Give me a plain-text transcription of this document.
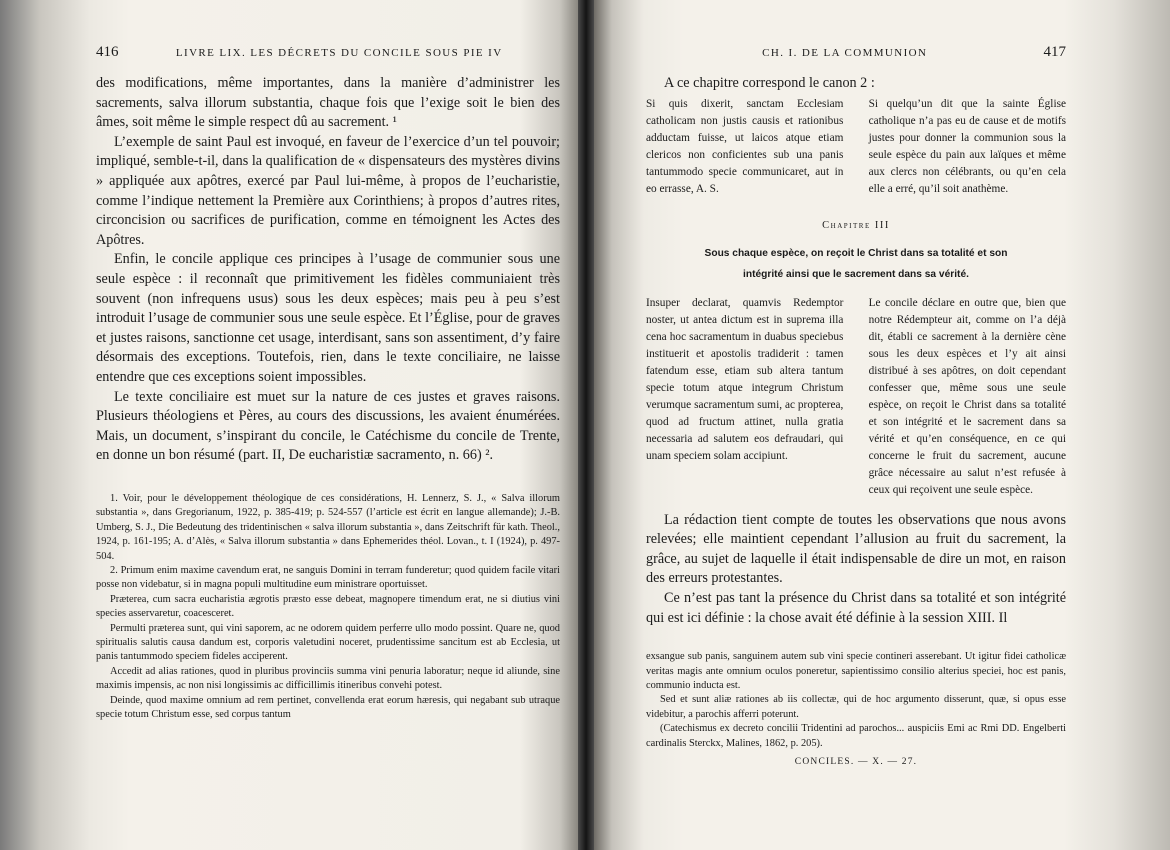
416	LIVRE LIX. LES DÉCRETS DU CONCILE SOUS PIE IV

des modifications, même importantes, dans la manière d’administrer les sacrements, salva illorum substantia, chaque fois que l’exige soit le bien des âmes, soit même le simple respect dû au sacrement. ¹

L’exemple de saint Paul est invoqué, en faveur de l’exercice d’un tel pouvoir; impliqué, semble-t-il, dans la qualification de « dispensateurs des mystères divins » appliquée aux apôtres, exercé par Paul lui-même, à propos de l’eucharistie, comme l’indique nettement la Première aux Corinthiens; à propos d’autres rites, circoncision ou sacrifices de purification, comme en témoignent les Actes des Apôtres.

Enfin, le concile applique ces principes à l’usage de communier sous une seule espèce : il reconnaît que primitivement les fidèles communiaient très souvent (non infrequens usus) sous les deux espèces; mais peu à peu s’est introduit l’usage de communier sous une seule espèce. Et l’Église, pour de graves et justes raisons, sanctionne cet usage, interdisant, sans son assentiment, d’y faire désormais des exceptions. Toutefois, rien, dans le texte conciliaire, ne laisse entendre que ces exceptions soient impossibles.

Le texte conciliaire est muet sur la nature de ces justes et graves raisons. Plusieurs théologiens et Pères, au cours des discussions, les avaient énumérées. Mais, un document, s’inspirant du concile, le Catéchisme du concile de Trente, en donne un bon résumé (part. II, De eucharistiæ sacramento, n. 66) ².

1. Voir, pour le développement théologique de ces considérations, H. Lennerz, S. J., « Salva illorum substantia », dans Gregorianum, 1922, p. 385-419; p. 524-557 (l’article est écrit en langue allemande); J.-B. Umberg, S. J., Die Bedeutung des tridentinischen « salva illorum substantia », dans Zeitschrift für kath. Theol., 1924, p. 161-195; A. d’Alès, « Salva illorum substantia » dans Ephemerides théol. Lovan., t. I (1924), p. 497-504.

2. Primum enim maxime cavendum erat, ne sanguis Domini in terram funderetur; quod quidem facile vitari posse non videbatur, si in magna populi multitudine eum ministrare oportuisset.

Præterea, cum sacra eucharistia ægrotis præsto esse debeat, magnopere timendum erat, ne si diutius vini species asservaretur, coacesceret.

Permulti præterea sunt, qui vini saporem, ac ne odorem quidem perferre ullo modo possint. Quare ne, quod spiritualis salutis causa dandum est, corporis valetudini noceret, prudentissime sancitum est ab Ecclesia, ut panis tantummodo speciem fideles acciperent.

Accedit ad alias rationes, quod in pluribus provinciis summa vini penuria laboratur; neque id aliunde, sine maximis impensis, ac non nisi longissimis ac difficillimis itineribus convehi potest.

Deinde, quod maxime omnium ad rem pertinet, convellenda erat eorum hæresis, qui negabant sub utraque specie totum Christum esse, sed corpus tantum

CH. I. DE LA COMMUNION	417

A ce chapitre correspond le canon 2 :

Si quis dixerit, sanctam Ecclesiam catholicam non justis causis et rationibus adductam fuisse, ut laicos atque etiam clericos non conficientes sub una panis tantummodo specie communicaret, aut in eo errasse, A. S.
Si quelqu’un dit que la sainte Église catholique n’a pas eu de cause et de motifs justes pour donner la communion sous la seule espèce du pain aux laïques et même aux clercs non célébrants, ou qu’en cela elle a erré, qu’il soit anathème.
Chapitre III
Sous chaque espèce, on reçoit le Christ dans sa totalité et son
intégrité ainsi que le sacrement dans sa vérité.
Insuper declarat, quamvis Redemptor noster, ut antea dictum est in suprema illa cena hoc sacramentum in duabus speciebus instituerit et apostolis tradiderit : tamen fatendum esse, etiam sub altera tantum specie totum atque integrum Christum verumque sacramentum sumi, ac propterea, quod ad fructum attinet, nulla gratia necessaria ad salutem eos defraudari, qui unam speciem solam accipiunt.
Le concile déclare en outre que, bien que notre Rédempteur ait, comme on l’a déjà dit, établi ce sacrement à la dernière cène sous les deux espèces et l’y ait ainsi distribué à ses apôtres, on doit cependant confesser que, même sous une seule espèce, on reçoit le Christ dans sa totalité et son intégrité et le sacrement dans sa vérité et qu’en conséquence, en ce qui concerne le fruit du sacrement, aucune grâce nécessaire au salut n’est refusée à ceux qui reçoivent une seule espèce.

La rédaction tient compte de toutes les observations que nous avons relevées; elle maintient cependant l’allusion au fruit du sacrement, la grâce, au sujet de laquelle il était indispensable de dire un mot, en raison des erreurs protestantes.

Ce n’est pas tant la présence du Christ dans sa totalité et son intégrité qui est ici définie : la chose avait été définie à la session XIII. Il

exsangue sub panis, sanguinem autem sub vini specie contineri asserebant. Ut igitur fidei catholicæ veritas magis ante omnium oculos poneretur, sapientissimo consilio alterius speciei, hoc est panis, communio inducta est.

Sed et sunt aliæ rationes ab iis collectæ, qui de hoc argumento disserunt, quæ, si opus esse videbitur, a parochis afferri poterunt.

(Catechismus ex decreto concilii Tridentini ad parochos... auspiciis Emi ac Rmi DD. Engelberti cardinalis Sterckx, Malines, 1862, p. 205).

CONCILES. — X. — 27.
